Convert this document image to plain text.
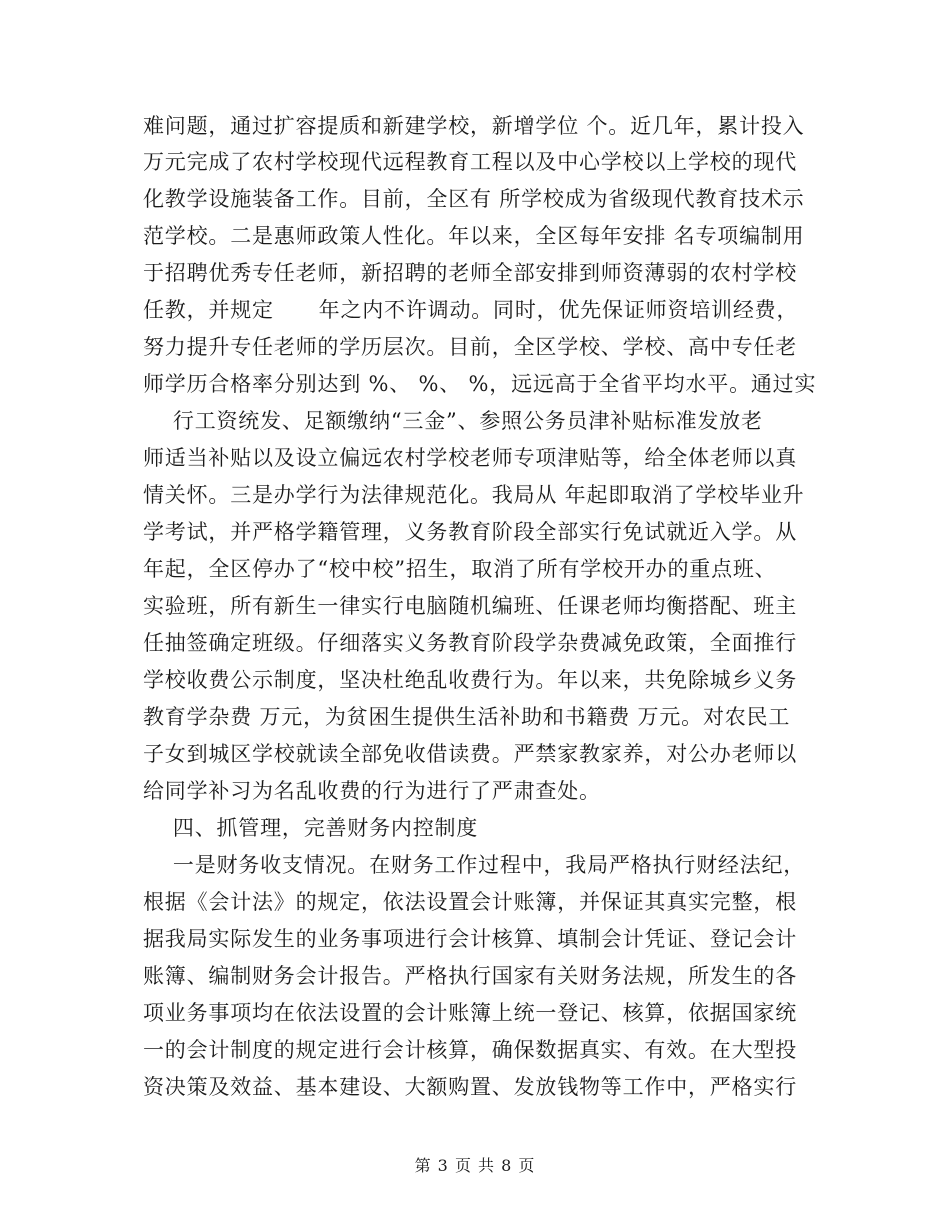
难问题，通过扩容提质和新建学校，新增学位 个。近几年，累计投入
万元完成了农村学校现代远程教育工程以及中心学校以上学校的现代
化教学设施装备工作。目前，全区有 所学校成为省级现代教育技术示
范学校。二是惠师政策人性化。年以来，全区每年安排 名专项编制用
于招聘优秀专任老师，新招聘的老师全部安排到师资薄弱的农村学校
任教，并规定      年之内不许调动。同时，优先保证师资培训经费，
努力提升专任老师的学历层次。目前，全区学校、学校、高中专任老
师学历合格率分别达到 %、 %、 %，远远高于全省平均水平。通过实
行工资统发、足额缴纳“三金”、参照公务员津补贴标准发放老
师适当补贴以及设立偏远农村学校老师专项津贴等，给全体老师以真
情关怀。三是办学行为法律规范化。我局从 年起即取消了学校毕业升
学考试，并严格学籍管理，义务教育阶段全部实行免试就近入学。从
年起，全区停办了“校中校”招生，取消了所有学校开办的重点班、
实验班，所有新生一律实行电脑随机编班、任课老师均衡搭配、班主
任抽签确定班级。仔细落实义务教育阶段学杂费减免政策，全面推行
学校收费公示制度，坚决杜绝乱收费行为。年以来，共免除城乡义务
教育学杂费 万元，为贫困生提供生活补助和书籍费 万元。对农民工
子女到城区学校就读全部免收借读费。严禁家教家养，对公办老师以
给同学补习为名乱收费的行为进行了严肃查处。
四、抓管理，完善财务内控制度
一是财务收支情况。在财务工作过程中，我局严格执行财经法纪，
根据《会计法》的规定，依法设置会计账簿，并保证其真实完整，根
据我局实际发生的业务事项进行会计核算、填制会计凭证、登记会计
账簿、编制财务会计报告。严格执行国家有关财务法规，所发生的各
项业务事项均在依法设置的会计账簿上统一登记、核算，依据国家统
一的会计制度的规定进行会计核算，确保数据真实、有效。在大型投
资决策及效益、基本建设、大额购置、发放钱物等工作中，严格实行
第 3 页 共 8 页
